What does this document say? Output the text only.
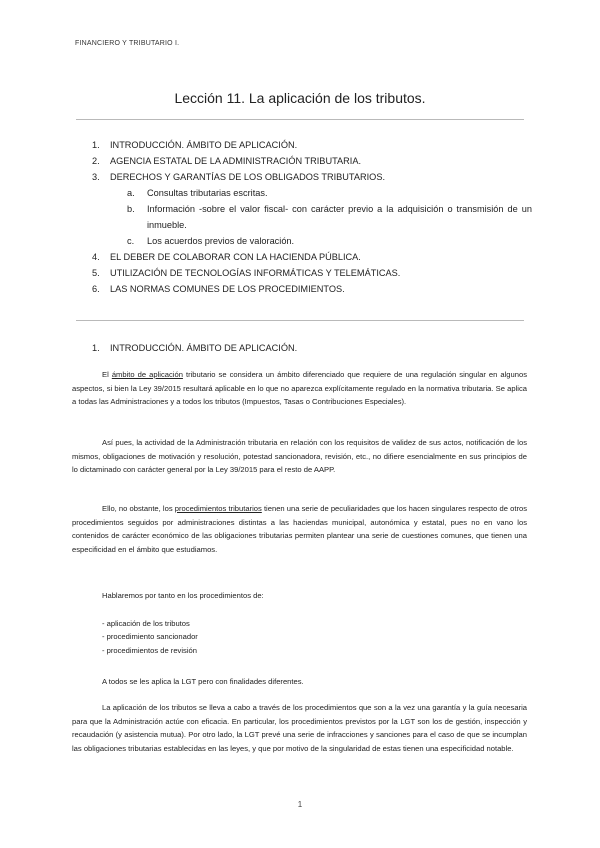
FINANCIERO Y TRIBUTARIO I.
Lección 11. La aplicación de los tributos.
1. INTRODUCCIÓN. ÁMBITO DE APLICACIÓN.
2. AGENCIA ESTATAL DE LA ADMINISTRACIÓN TRIBUTARIA.
3. DERECHOS Y GARANTÍAS DE LOS OBLIGADOS TRIBUTARIOS.
a. Consultas tributarias escritas.
b. Información -sobre el valor fiscal- con carácter previo a la adquisición o transmisión de un inmueble.
c. Los acuerdos previos de valoración.
4. EL DEBER DE COLABORAR CON LA HACIENDA PÚBLICA.
5. UTILIZACIÓN DE TECNOLOGÍAS INFORMÁTICAS Y TELEMÁTICAS.
6. LAS NORMAS COMUNES DE LOS PROCEDIMIENTOS.
1. INTRODUCCIÓN. ÁMBITO DE APLICACIÓN.
El ámbito de aplicación tributario se considera un ámbito diferenciado que requiere de una regulación singular en algunos aspectos, si bien la Ley 39/2015 resultará aplicable en lo que no aparezca explícitamente regulado en la normativa tributaria. Se aplica a todas las Administraciones y a todos los tributos (Impuestos, Tasas o Contribuciones Especiales).
Así pues, la actividad de la Administración tributaria en relación con los requisitos de validez de sus actos, notificación de los mismos, obligaciones de motivación y resolución, potestad sancionadora, revisión, etc., no difiere esencialmente en sus principios de lo dictaminado con carácter general por la Ley 39/2015 para el resto de AAPP.
Ello, no obstante, los procedimientos tributarios tienen una serie de peculiaridades que los hacen singulares respecto de otros procedimientos seguidos por administraciones distintas a las haciendas municipal, autonómica y estatal, pues no en vano los contenidos de carácter económico de las obligaciones tributarias permiten plantear una serie de cuestiones comunes, que tienen una especificidad en el ámbito que estudiamos.
Hablaremos por tanto en los procedimientos de:
- aplicación de los tributos
- procedimiento sancionador
- procedimientos de revisión
A todos se les aplica la LGT pero con finalidades diferentes.
La aplicación de los tributos se lleva a cabo a través de los procedimientos que son a la vez una garantía y la guía necesaria para que la Administración actúe con eficacia. En particular, los procedimientos previstos por la LGT son los de gestión, inspección y recaudación (y asistencia mutua). Por otro lado, la LGT prevé una serie de infracciones y sanciones para el caso de que se incumplan las obligaciones tributarias establecidas en las leyes, y que por motivo de la singularidad de estas tienen una especificidad notable.
1
